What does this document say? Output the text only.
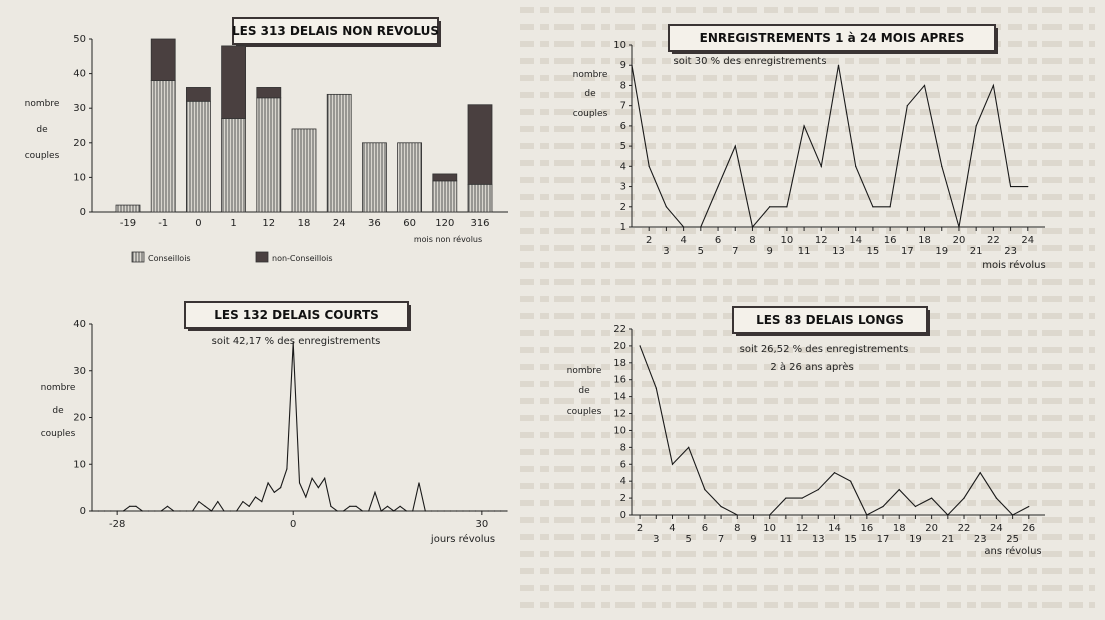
LES 313 DELAIS NON REVOLUS
nombre
de
couples
0
10
20
30
40
50
-19 -1	0	1	12 18 24 36 60 120 316
mois non révolus
Conseillois	non-Conseillois
ENREGISTREMENTS 1 à 24 MOIS APRES
nombre
de
couples
1
2
3
4
5
6
7
8
9
10
2
3
4
5
6
7
8
9
10
11
12
13
14
15
16
17
18
19
20
21
22
23
24
soit 30 % des enregistrements
mois révolus
LES 132 DELAIS COURTS
nombre
de
couples
0
10
20
30
40
-28	0	30
soit 42,17 % des enregistrements
jours révolus
LES 83 DELAIS LONGS
nombre
de
couples
0
2
4
6
8
10
12
14
16
18
20
22
2
3
4
5
6
7
8
9
10
11
12
13
14
15
16
17
18
19
20
21
22
23
24
25
26
soit 26,52 % des enregistrements
2 à 26 ans après
ans révolus
